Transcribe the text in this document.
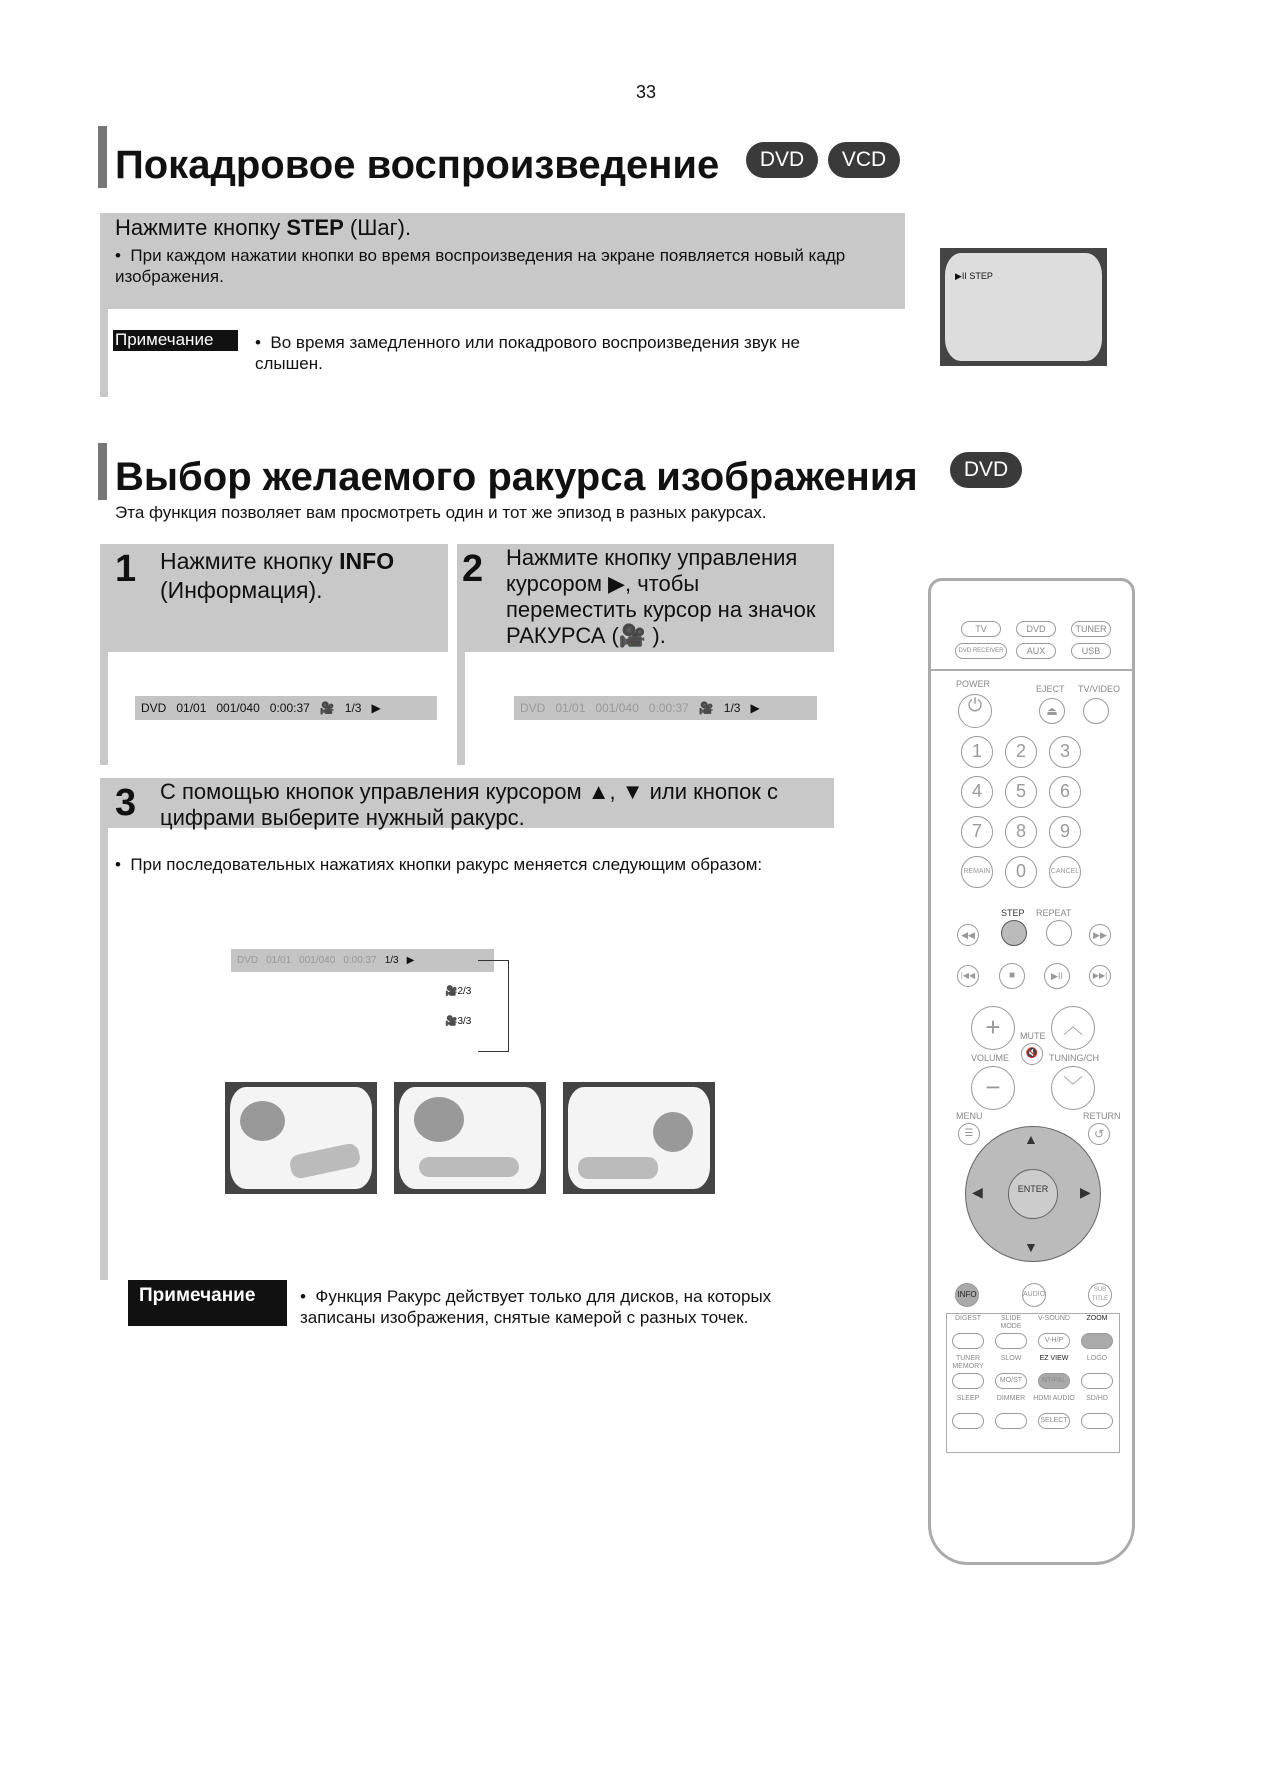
33
Покадровое воспроизведение	DVD	VCD
Нажмите кнопку STEP (Шаг).
•  При каждом нажатии кнопки во время воспроизведения на экране появляется новый кадр изображения.
Примечание	•  Во время замедленного или покадрового воспроизведения звук не слышен.
▶II STEP
Выбор желаемого ракурса изображения	DVD
Эта функция позволяет вам просмотреть один и тот же эпизод в разных ракурсах.
1 Нажмите кнопку INFO (Информация).	2 Нажмите кнопку управления курсором ▶, чтобы переместить курсор на значок
РАКУРСА (🎥 ).
DVD 01/01 001/040 0:00:37 🎥 1/3 ▶	DVD 01/01 001/040 0:00:37 🎥 1/3 ▶
3 С помощью кнопок управления курсором ▲, ▼ или кнопок с цифрами выберите нужный ракурс.
•  При последовательных нажатиях кнопки ракурс меняется следующим образом:
DVD 01/01 001/040 0:00:37 1/3 ▶
🎥2/3
🎥3/3
Примечание	•  Функция Ракурс действует только для дисков, на которых записаны изображения, снятые камерой с разных точек.
TV	DVD	TUNER
DVD RECEIVER	AUX	USB
POWER	EJECT TV/VIDEO
⏻	⏏
1	2	3
4	5	6
7	8	9
REMAIN	0	CANCEL
STEP REPEAT
◀◀	▶▶
|◀◀	■	▶II	▶▶|
+	︿
MUTE
🔇
VOLUME	TUNING/CH
−	﹀
MENU	RETURN
☰	↺
▲
▼
◀	▶
ENTER
INFO	AUDIO
SUB TITLE
DIGEST	SLIDE MODE
V-SOUND
V-H/P
ZOOM
TUNER MEMORY
SLOW
MO/ST
EZ VIEW
NT/PAL
LOGO
SLEEP	DIMMER	HDMI AUDIO
SELECT
SD/HD
